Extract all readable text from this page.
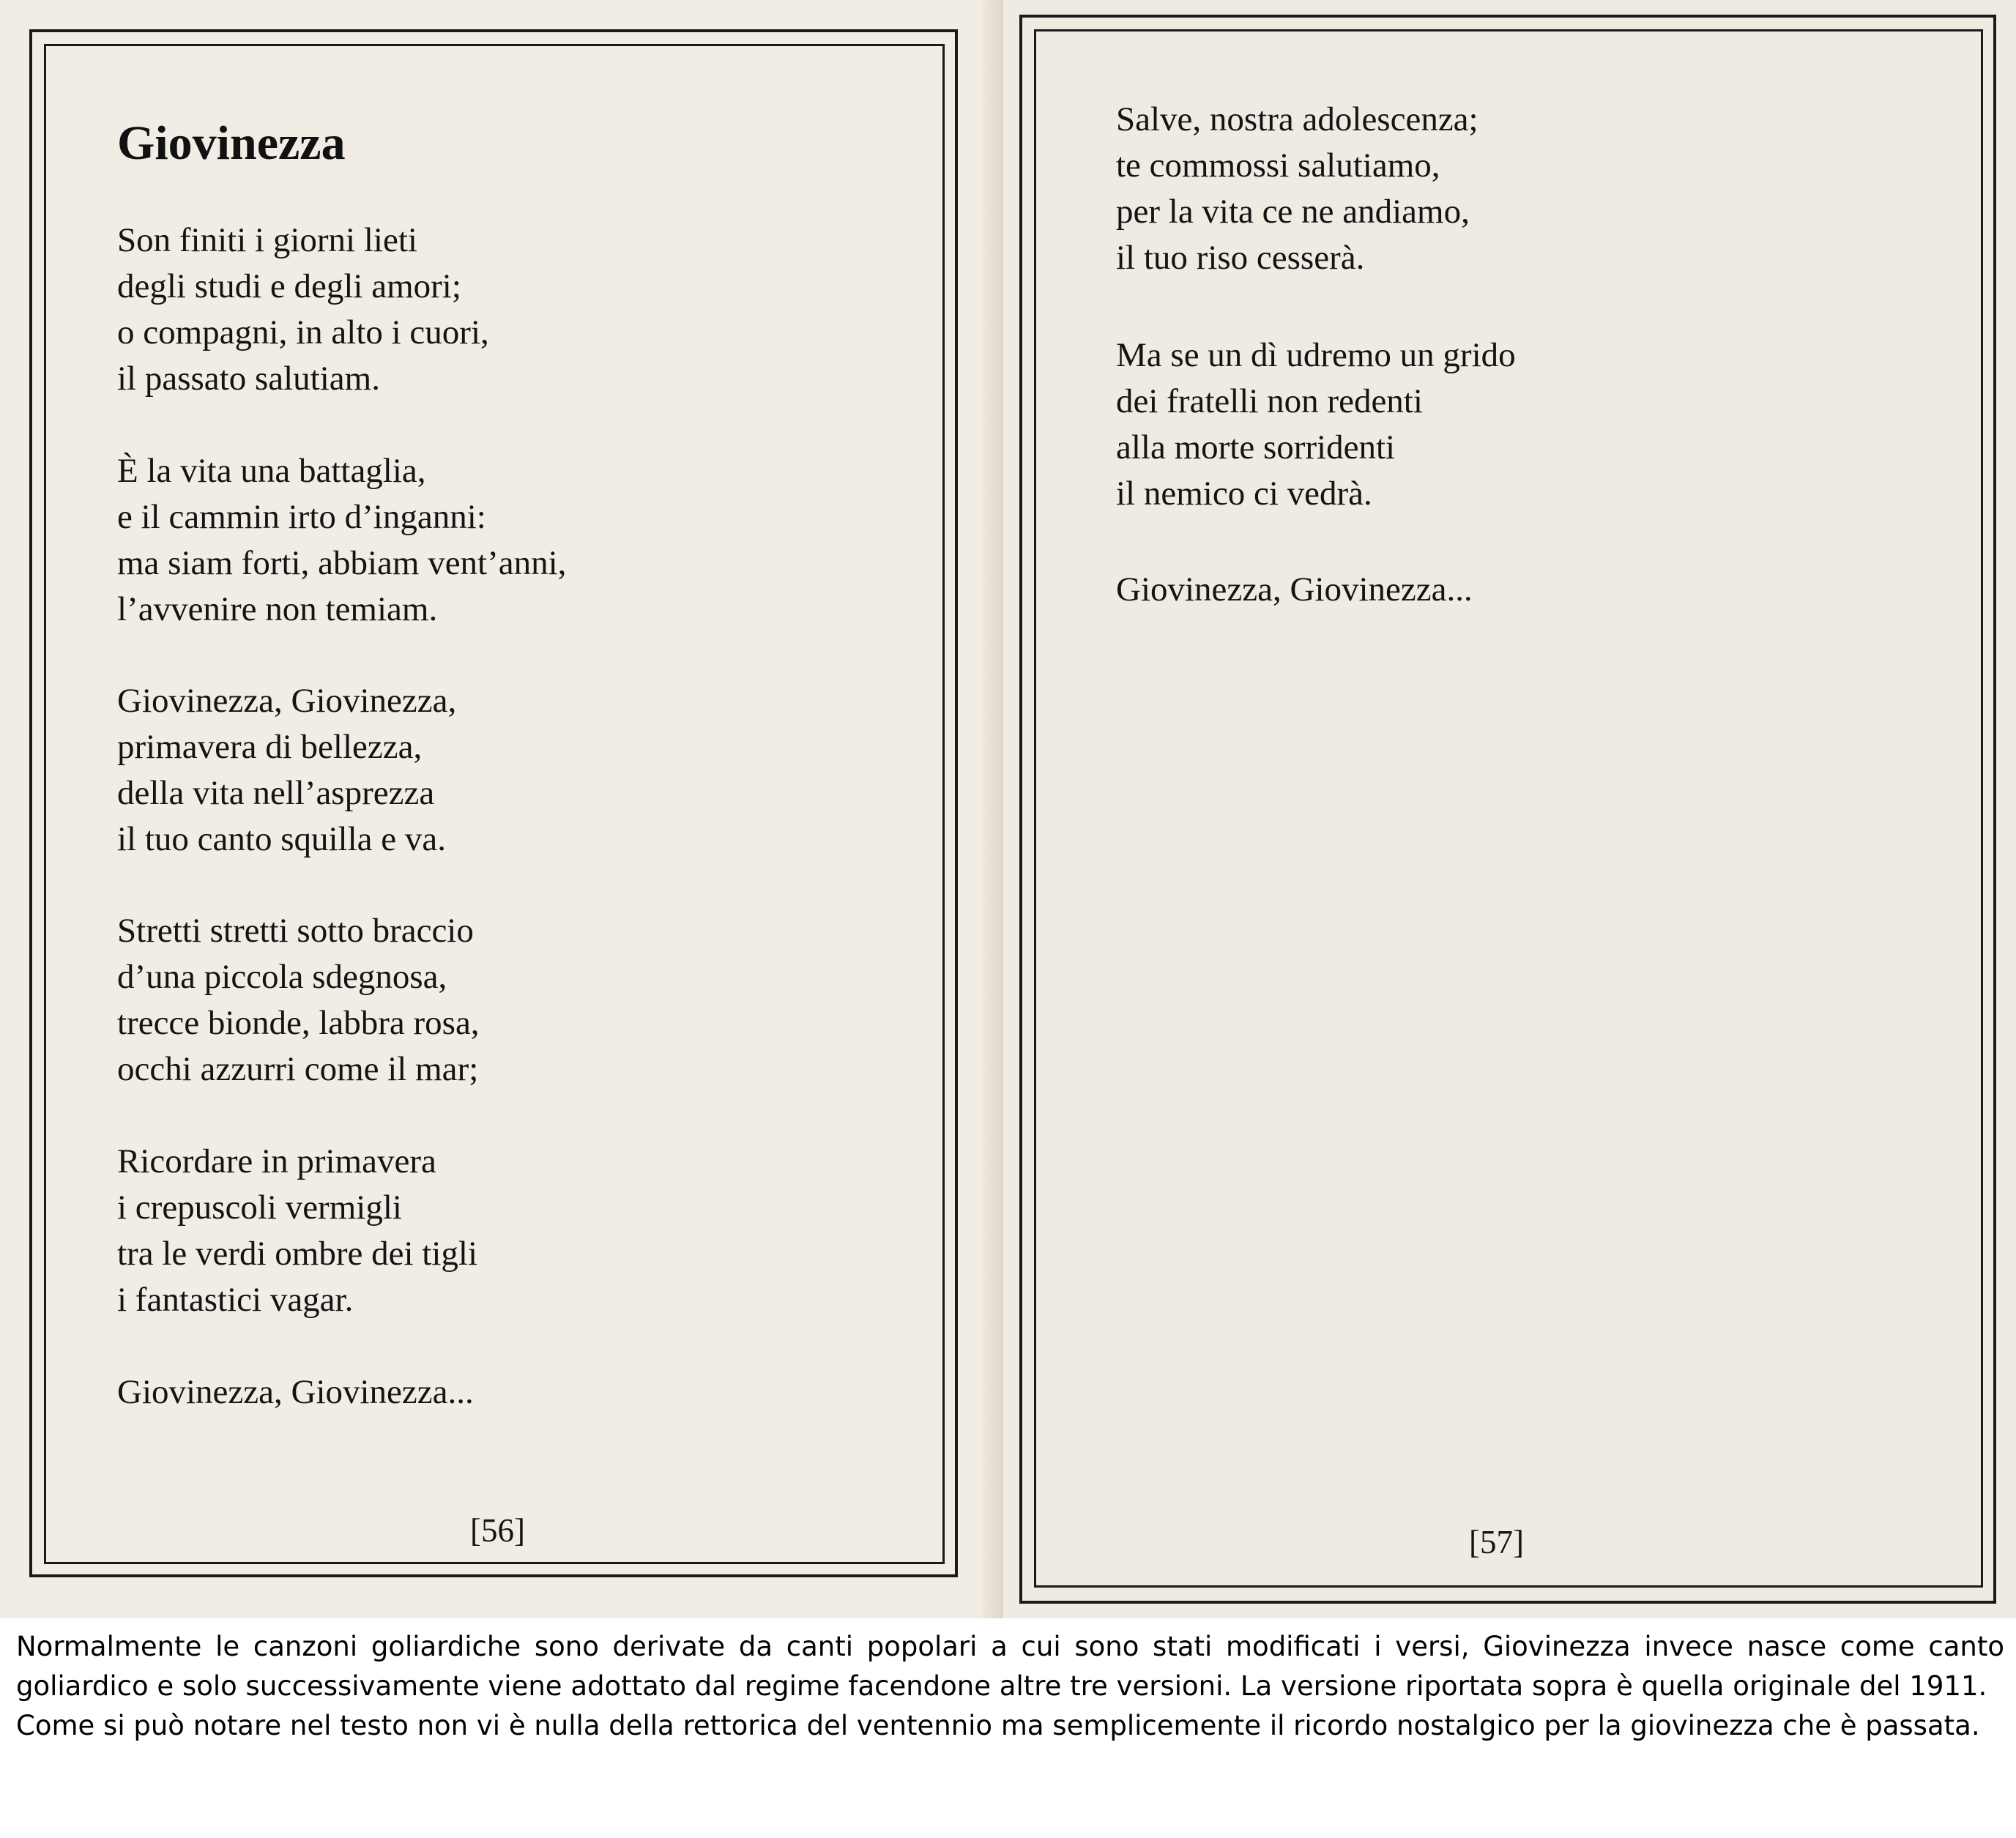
Giovinezza
Son finiti i giorni lieti
degli studi e degli amori;
o compagni, in alto i cuori,
il passato salutiam.
È la vita una battaglia,
e il cammin irto d’inganni:
ma siam forti, abbiam vent’anni,
l’avvenire non temiam.
Giovinezza, Giovinezza,
primavera di bellezza,
della vita nell’asprezza
il tuo canto squilla e va.
Stretti stretti sotto braccio
d’una piccola sdegnosa,
trecce bionde, labbra rosa,
occhi azzurri come il mar;
Ricordare in primavera
i crepuscoli vermigli
tra le verdi ombre dei tigli
i fantastici vagar.
Giovinezza, Giovinezza...
[56]
Salve, nostra adolescenza;
te commossi salutiamo,
per la vita ce ne andiamo,
il tuo riso cesserà.
Ma se un dì udremo un grido
dei fratelli non redenti
alla morte sorridenti
il nemico ci vedrà.
Giovinezza, Giovinezza...
[57]

Normalmente le canzoni goliardiche sono derivate da canti popolari a cui sono stati modificati i versi, Giovinezza invece nasce come canto goliardico e solo successivamente viene adottato dal regime facendone altre tre versioni. La versione riportata sopra è quella originale del 1911.

Come si può notare nel testo non vi è nulla della rettorica del ventennio ma semplicemente il ricordo nostalgico per la giovinezza che è passata.
